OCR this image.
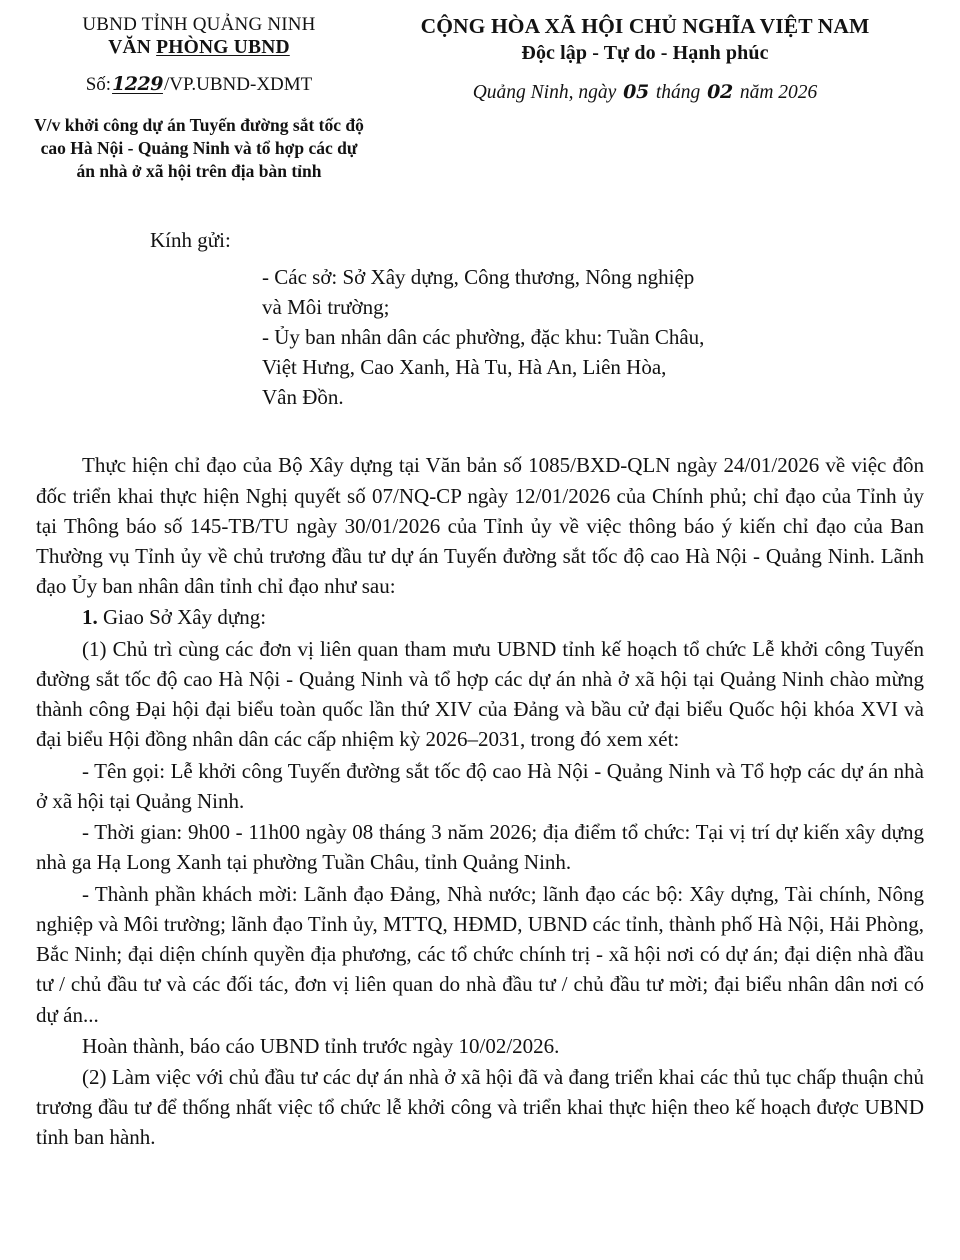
UBND TỈNH QUẢNG NINH
VĂN PHÒNG UBND
Số:1229/VP.UBND-XDMT
CỘNG HÒA XÃ HỘI CHỦ NGHĨA VIỆT NAM
Độc lập - Tự do - Hạnh phúc
Quảng Ninh, ngày 05 tháng 02 năm 2026
V/v khởi công dự án Tuyến đường sắt tốc độ cao Hà Nội - Quảng Ninh và tổ hợp các dự án nhà ở xã hội trên địa bàn tỉnh
Kính gửi:
- Các sở: Sở Xây dựng, Công thương, Nông nghiệp
và Môi trường;
- Ủy ban nhân dân các phường, đặc khu: Tuần Châu,
Việt Hưng, Cao Xanh, Hà Tu, Hà An, Liên Hòa,
Vân Đồn.

Thực hiện chỉ đạo của Bộ Xây dựng tại Văn bản số 1085/BXD-QLN ngày 24/01/2026 về việc đôn đốc triển khai thực hiện Nghị quyết số 07/NQ-CP ngày 12/01/2026 của Chính phủ; chỉ đạo của Tỉnh ủy tại Thông báo số 145-TB/TU ngày 30/01/2026 của Tỉnh ủy về việc thông báo ý kiến chỉ đạo của Ban Thường vụ Tỉnh ủy về chủ trương đầu tư dự án Tuyến đường sắt tốc độ cao Hà Nội - Quảng Ninh. Lãnh đạo Ủy ban nhân dân tỉnh chỉ đạo như sau:

1. Giao Sở Xây dựng:

(1) Chủ trì cùng các đơn vị liên quan tham mưu UBND tỉnh kế hoạch tổ chức Lễ khởi công Tuyến đường sắt tốc độ cao Hà Nội - Quảng Ninh và tổ hợp các dự án nhà ở xã hội tại Quảng Ninh chào mừng thành công Đại hội đại biểu toàn quốc lần thứ XIV của Đảng và bầu cử đại biểu Quốc hội khóa XVI và đại biểu Hội đồng nhân dân các cấp nhiệm kỳ 2026–2031, trong đó xem xét:

- Tên gọi: Lễ khởi công Tuyến đường sắt tốc độ cao Hà Nội - Quảng Ninh và Tổ hợp các dự án nhà ở xã hội tại Quảng Ninh.

- Thời gian: 9h00 - 11h00 ngày 08 tháng 3 năm 2026; địa điểm tổ chức: Tại vị trí dự kiến xây dựng nhà ga Hạ Long Xanh tại phường Tuần Châu, tỉnh Quảng Ninh.

- Thành phần khách mời: Lãnh đạo Đảng, Nhà nước; lãnh đạo các bộ: Xây dựng, Tài chính, Nông nghiệp và Môi trường; lãnh đạo Tỉnh ủy, MTTQ, HĐMD, UBND các tỉnh, thành phố Hà Nội, Hải Phòng, Bắc Ninh; đại diện chính quyền địa phương, các tổ chức chính trị - xã hội nơi có dự án; đại diện nhà đầu tư / chủ đầu tư và các đối tác, đơn vị liên quan do nhà đầu tư / chủ đầu tư mời; đại biểu nhân dân nơi có dự án...

Hoàn thành, báo cáo UBND tỉnh trước ngày 10/02/2026.

(2) Làm việc với chủ đầu tư các dự án nhà ở xã hội đã và đang triển khai các thủ tục chấp thuận chủ trương đầu tư để thống nhất việc tổ chức lễ khởi công và triển khai thực hiện theo kế hoạch được UBND tỉnh ban hành.
